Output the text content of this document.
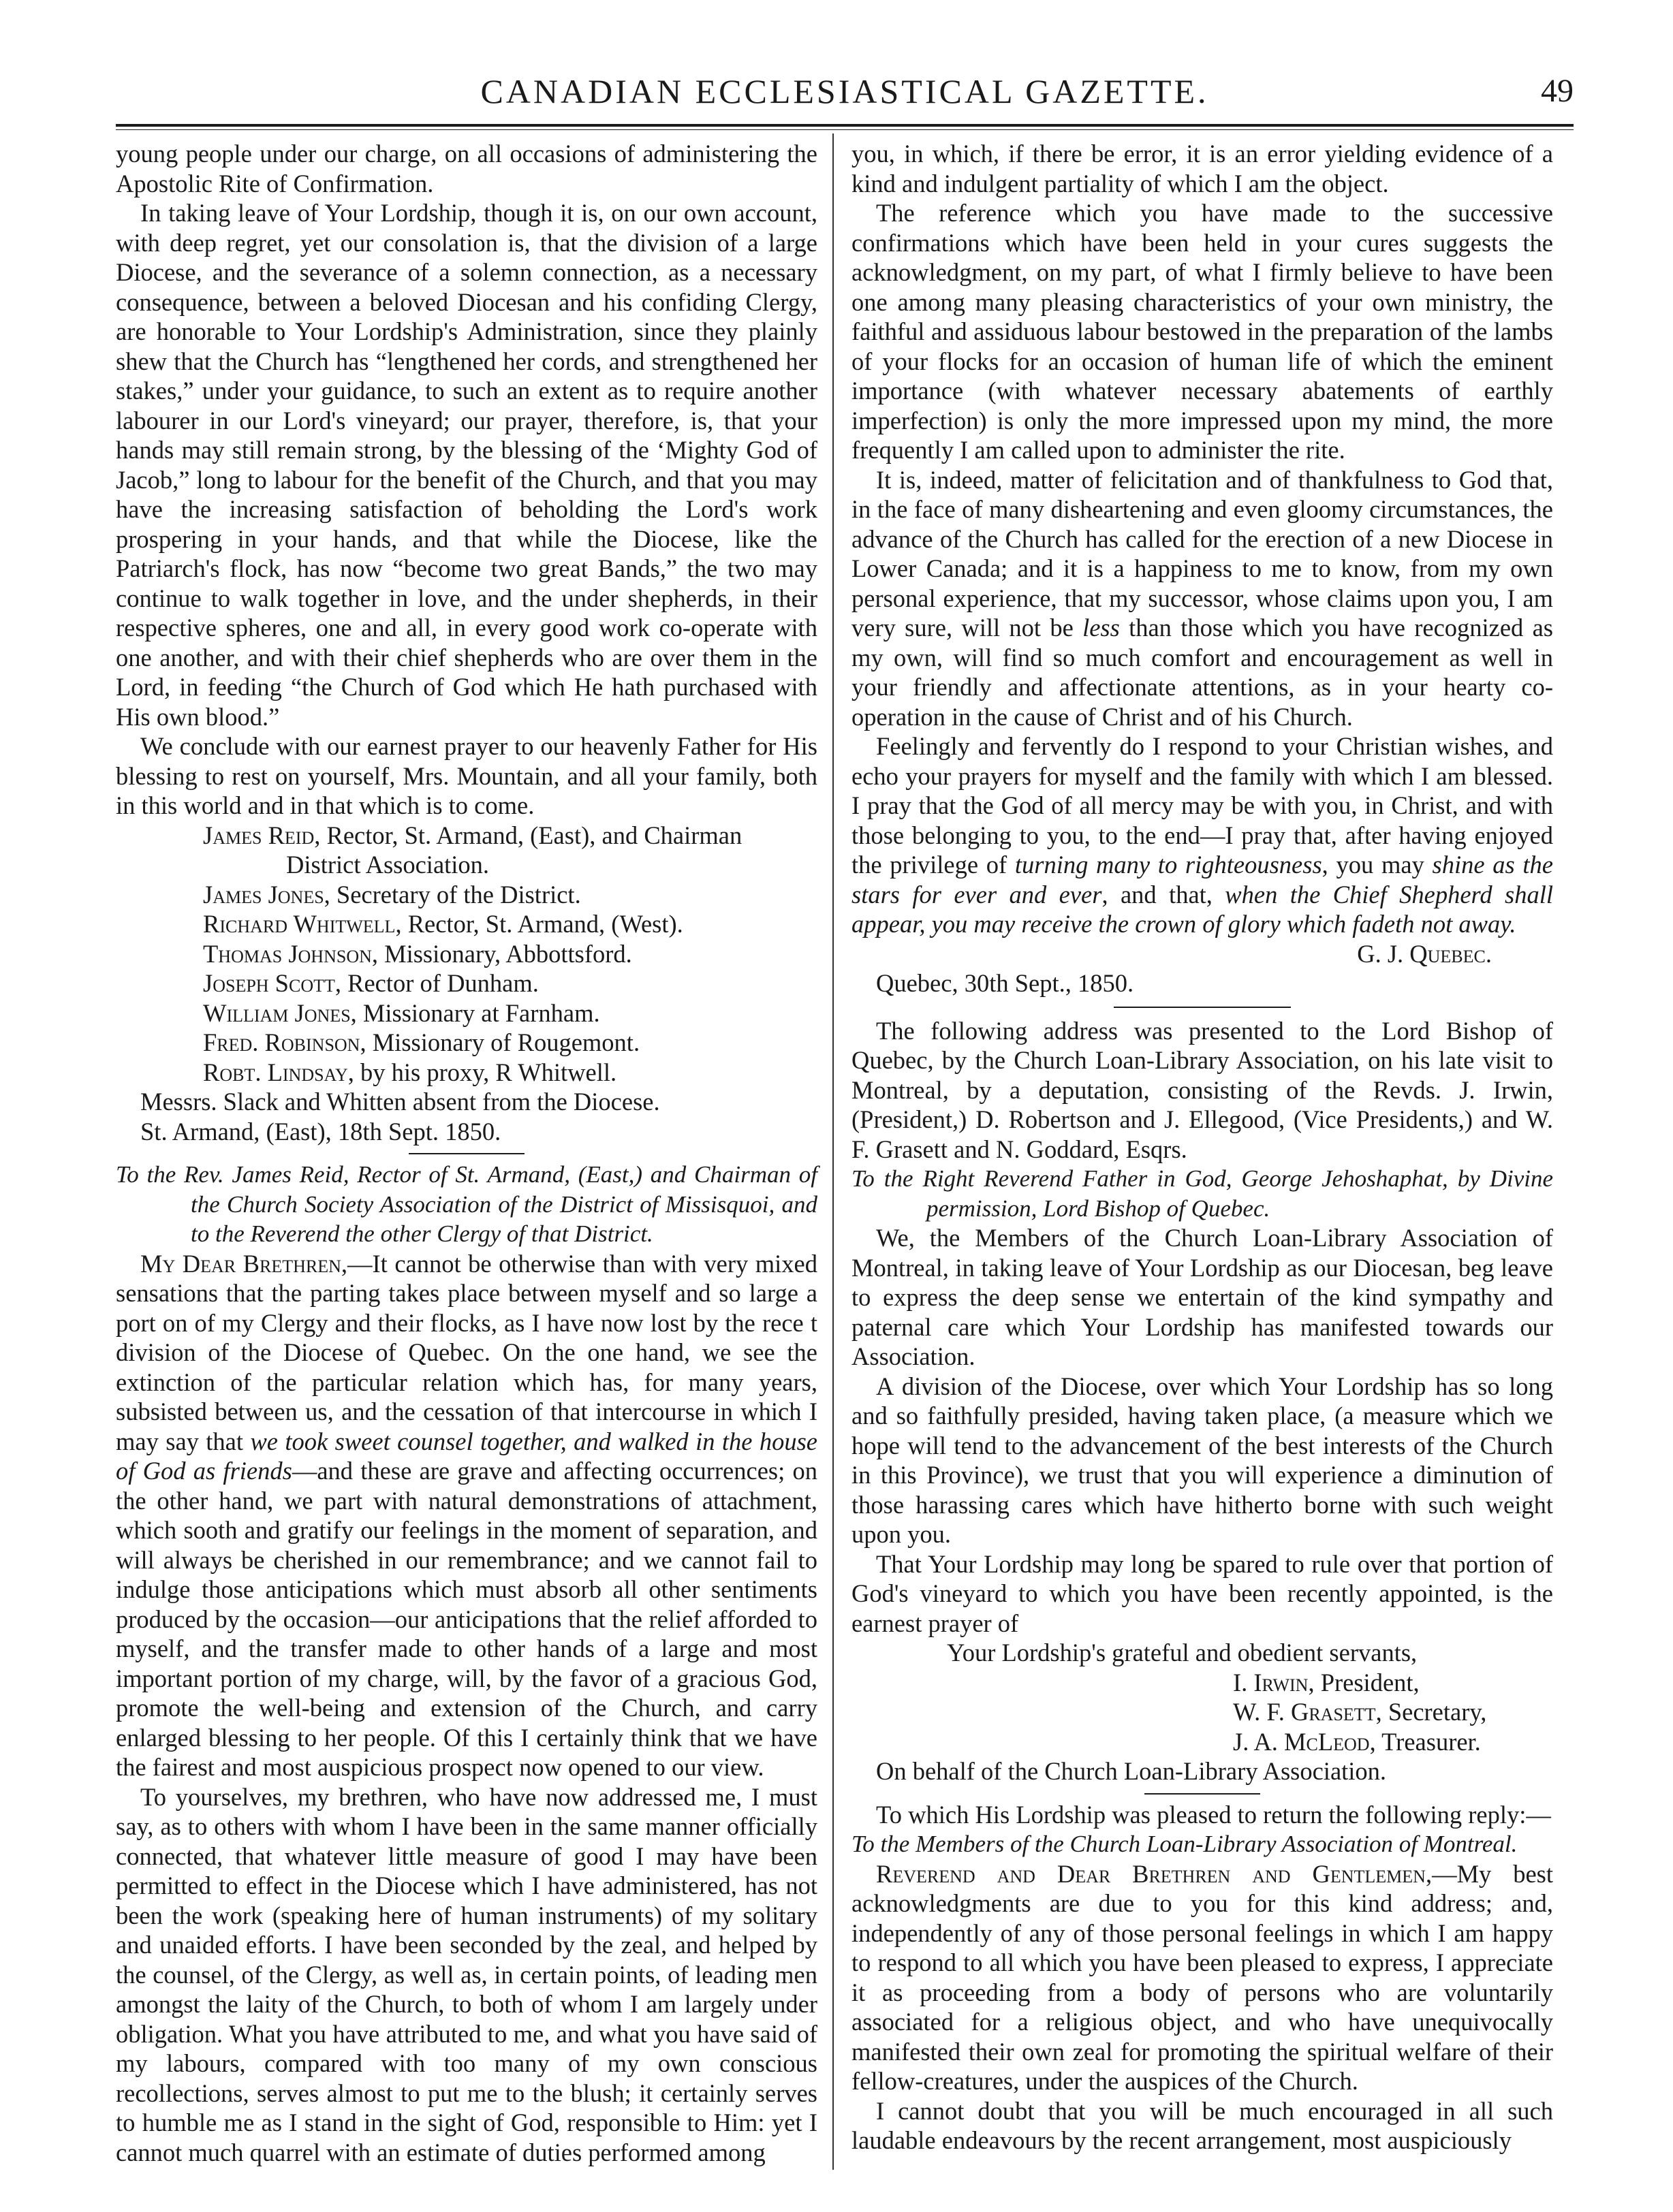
CANADIAN ECCLESIASTICAL GAZETTE.	49

young people under our charge, on all occasions of administering the Apostolic Rite of Confirmation.

In taking leave of Your Lordship, though it is, on our own account, with deep regret, yet our consolation is, that the division of a large Diocese, and the severance of a solemn connection, as a necessary consequence, between a beloved Diocesan and his confiding Clergy, are honorable to Your Lordship's Administration, since they plainly shew that the Church has “lengthened her cords, and strengthened her stakes,” under your guidance, to such an extent as to require another labourer in our Lord's vineyard; our prayer, therefore, is, that your hands may still remain strong, by the blessing of the ‘Mighty God of Jacob,” long to labour for the benefit of the Church, and that you may have the increasing satisfaction of beholding the Lord's work prospering in your hands, and that while the Diocese, like the Patriarch's flock, has now “become two great Bands,” the two may continue to walk together in love, and the under shepherds, in their respective spheres, one and all, in every good work co-operate with one another, and with their chief shepherds who are over them in the Lord, in feeding “the Church of God which He hath purchased with His own blood.”

We conclude with our earnest prayer to our heavenly Father for His blessing to rest on yourself, Mrs. Mountain, and all your family, both in this world and in that which is to come.

James Reid, Rector, St. Armand, (East), and Chairman

District Association.

James Jones, Secretary of the District.

Richard Whitwell, Rector, St. Armand, (West).

Thomas Johnson, Missionary, Abbottsford.

Joseph Scott, Rector of Dunham.

William Jones, Missionary at Farnham.

Fred. Robinson, Missionary of Rougemont.

Robt. Lindsay, by his proxy, R Whitwell.

Messrs. Slack and Whitten absent from the Diocese.

St. Armand, (East), 18th Sept. 1850.

To the Rev. James Reid, Rector of St. Armand, (East,) and Chairman of the Church Society Association of the District of Missisquoi, and to the Reverend the other Clergy of that District.

My Dear Brethren,—It cannot be otherwise than with very mixed sensations that the parting takes place between myself and so large a port on of my Clergy and their flocks, as I have now lost by the rece t division of the Diocese of Quebec. On the one hand, we see the extinction of the particular relation which has, for many years, subsisted between us, and the cessation of that intercourse in which I may say that we took sweet counsel together, and walked in the house of God as friends—and these are grave and affecting occurrences; on the other hand, we part with natural demonstrations of attachment, which sooth and gratify our feelings in the moment of separation, and will always be cherished in our remembrance; and we cannot fail to indulge those anticipations which must absorb all other sentiments produced by the occasion—our anticipations that the relief afforded to myself, and the transfer made to other hands of a large and most important portion of my charge, will, by the favor of a gracious God, promote the well-being and extension of the Church, and carry enlarged blessing to her people. Of this I certainly think that we have the fairest and most auspicious prospect now opened to our view.

To yourselves, my brethren, who have now addressed me, I must say, as to others with whom I have been in the same manner officially connected, that whatever little measure of good I may have been permitted to effect in the Diocese which I have administered, has not been the work (speaking here of human instruments) of my solitary and unaided efforts. I have been seconded by the zeal, and helped by the counsel, of the Clergy, as well as, in certain points, of leading men amongst the laity of the Church, to both of whom I am largely under obligation. What you have attributed to me, and what you have said of my labours, compared with too many of my own conscious recollections, serves almost to put me to the blush; it certainly serves to humble me as I stand in the sight of God, responsible to Him: yet I cannot much quarrel with an estimate of duties performed among

you, in which, if there be error, it is an error yielding evidence of a kind and indulgent partiality of which I am the object.

The reference which you have made to the successive confirmations which have been held in your cures suggests the acknowledgment, on my part, of what I firmly believe to have been one among many pleasing characteristics of your own ministry, the faithful and assiduous labour bestowed in the preparation of the lambs of your flocks for an occasion of human life of which the eminent importance (with whatever necessary abatements of earthly imperfection) is only the more impressed upon my mind, the more frequently I am called upon to administer the rite.

It is, indeed, matter of felicitation and of thankfulness to God that, in the face of many disheartening and even gloomy circumstances, the advance of the Church has called for the erection of a new Diocese in Lower Canada; and it is a happiness to me to know, from my own personal experience, that my successor, whose claims upon you, I am very sure, will not be less than those which you have recognized as my own, will find so much comfort and encouragement as well in your friendly and affectionate attentions, as in your hearty co-operation in the cause of Christ and of his Church.

Feelingly and fervently do I respond to your Christian wishes, and echo your prayers for myself and the family with which I am blessed. I pray that the God of all mercy may be with you, in Christ, and with those belonging to you, to the end—I pray that, after having enjoyed the privilege of turning many to righteousness, you may shine as the stars for ever and ever, and that, when the Chief Shepherd shall appear, you may receive the crown of glory which fadeth not away.

G. J. Quebec.

Quebec, 30th Sept., 1850.

The following address was presented to the Lord Bishop of Quebec, by the Church Loan-Library Association, on his late visit to Montreal, by a deputation, consisting of the Revds. J. Irwin, (President,) D. Robertson and J. Ellegood, (Vice Presidents,) and W. F. Grasett and N. Goddard, Esqrs.

To the Right Reverend Father in God, George Jehoshaphat, by Divine permission, Lord Bishop of Quebec.

We, the Members of the Church Loan-Library Association of Montreal, in taking leave of Your Lordship as our Diocesan, beg leave to express the deep sense we entertain of the kind sympathy and paternal care which Your Lordship has manifested towards our Association.

A division of the Diocese, over which Your Lordship has so long and so faithfully presided, having taken place, (a measure which we hope will tend to the advancement of the best interests of the Church in this Province), we trust that you will experience a diminution of those harassing cares which have hitherto borne with such weight upon you.

That Your Lordship may long be spared to rule over that portion of God's vineyard to which you have been recently appointed, is the earnest prayer of

Your Lordship's grateful and obedient servants,

I. Irwin, President,

W. F. Grasett, Secretary,

J. A. McLeod, Treasurer.

On behalf of the Church Loan-Library Association.

To which His Lordship was pleased to return the following reply:—

To the Members of the Church Loan-Library Association of Montreal.

Reverend and Dear Brethren and Gentlemen,—My best acknowledgments are due to you for this kind address; and, independently of any of those personal feelings in which I am happy to respond to all which you have been pleased to express, I appreciate it as proceeding from a body of persons who are voluntarily associated for a religious object, and who have unequivocally manifested their own zeal for promoting the spiritual welfare of their fellow-creatures, under the auspices of the Church.

I cannot doubt that you will be much encouraged in all such laudable endeavours by the recent arrangement, most auspiciously
